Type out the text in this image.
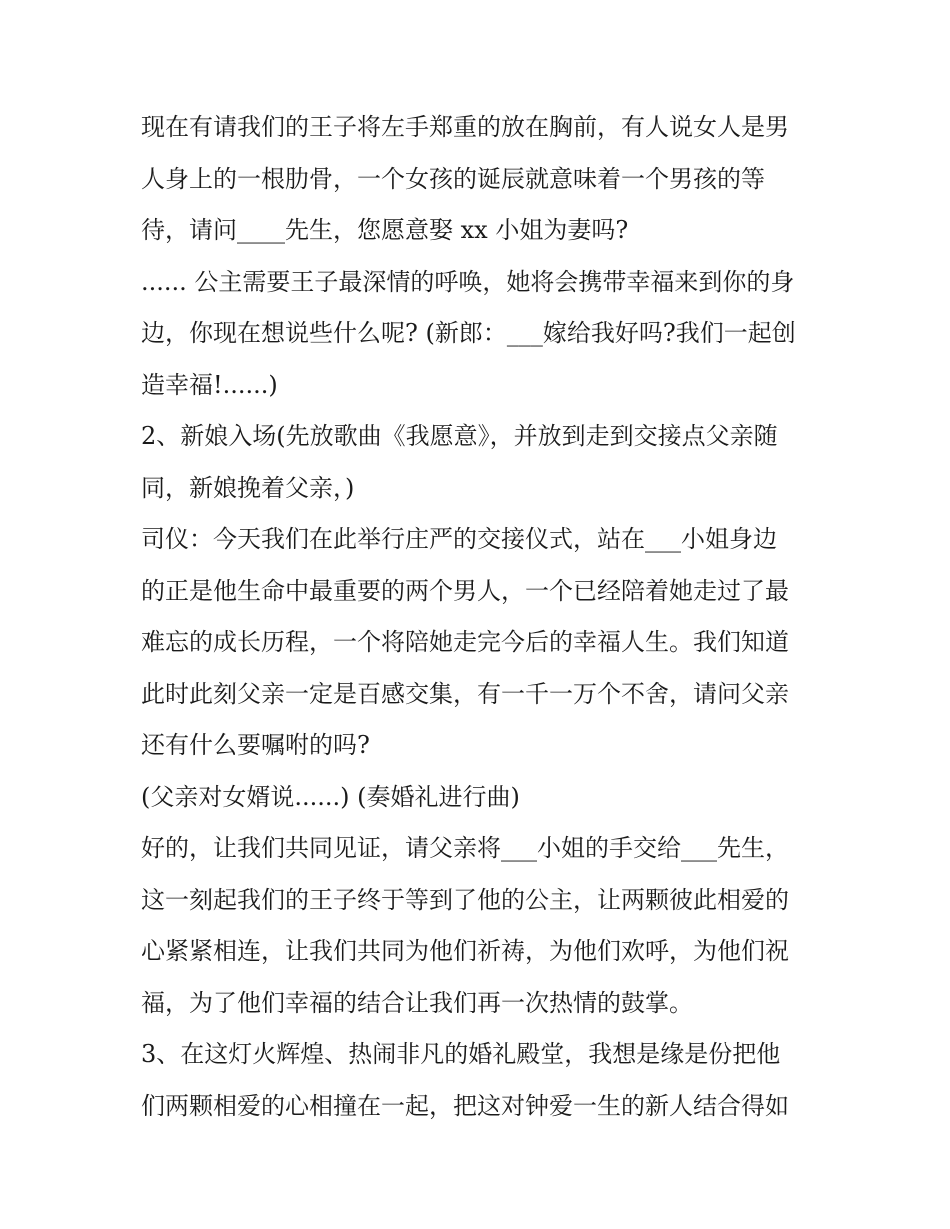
现在有请我们的王子将左手郑重的放在胸前，有人说女人是男
人身上的一根肋骨，一个女孩的诞辰就意味着一个男孩的等
待，请问____先生，您愿意娶 xx 小姐为妻吗?
...... 公主需要王子最深情的呼唤，她将会携带幸福来到你的身
边，你现在想说些什么呢? (新郎：___嫁给我好吗?我们一起创
造幸福!......)
2、新娘入场(先放歌曲《我愿意》，并放到走到交接点父亲随
同，新娘挽着父亲，)
司仪：今天我们在此举行庄严的交接仪式，站在___小姐身边
的正是他生命中最重要的两个男人，一个已经陪着她走过了最
难忘的成长历程，一个将陪她走完今后的幸福人生。我们知道
此时此刻父亲一定是百感交集，有一千一万个不舍，请问父亲
还有什么要嘱咐的吗?
(父亲对女婿说......) (奏婚礼进行曲)
好的，让我们共同见证，请父亲将___小姐的手交给___先生，
这一刻起我们的王子终于等到了他的公主，让两颗彼此相爱的
心紧紧相连，让我们共同为他们祈祷，为他们欢呼，为他们祝
福，为了他们幸福的结合让我们再一次热情的鼓掌。
3、在这灯火辉煌、热闹非凡的婚礼殿堂，我想是缘是份把他
们两颗相爱的心相撞在一起，把这对钟爱一生的新人结合得如
